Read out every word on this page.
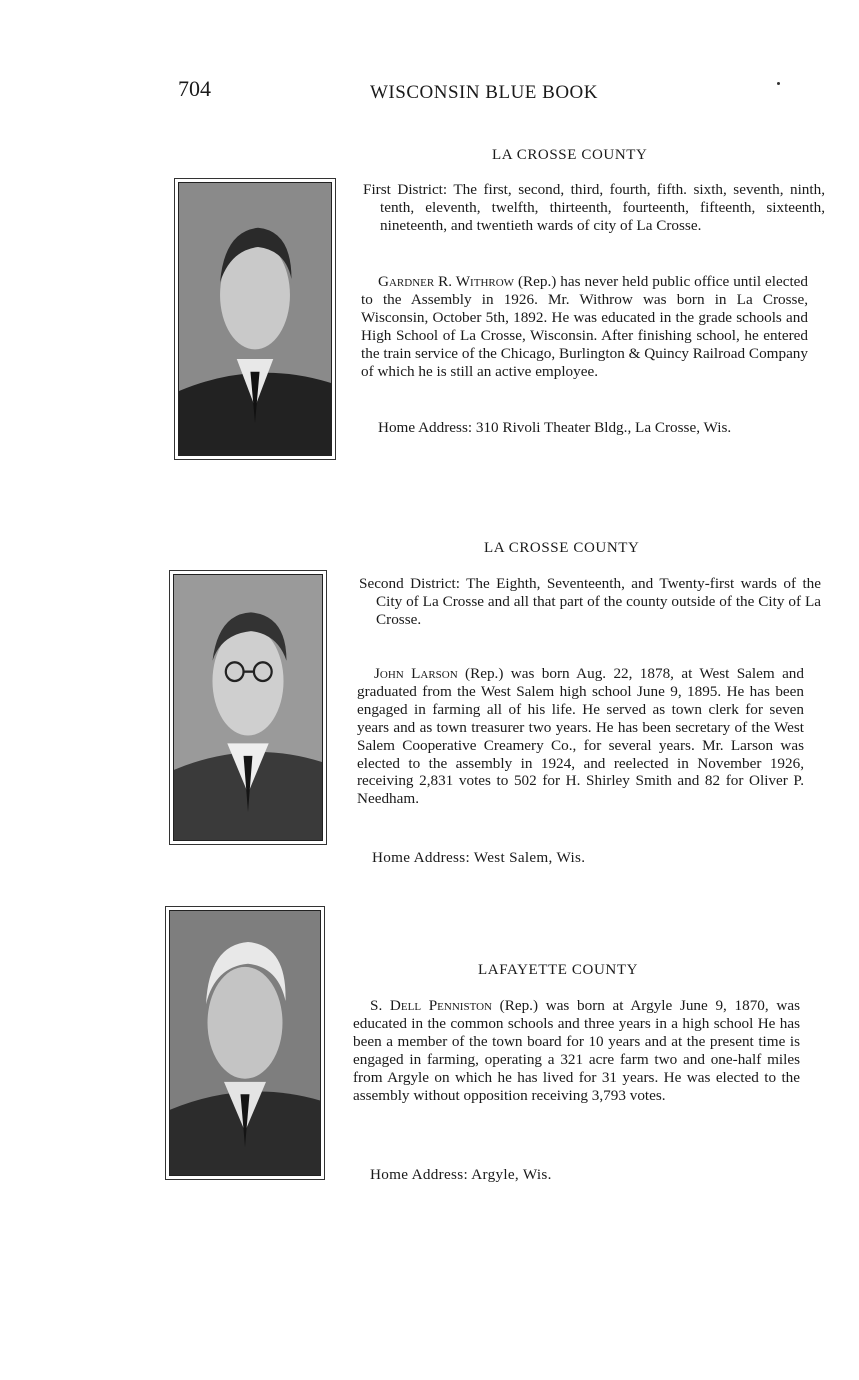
704	WISCONSIN BLUE BOOK
LA CROSSE COUNTY

First District: The first, second, third, fourth, fifth. sixth, seventh, ninth, tenth, eleventh, twelfth, thirteenth, fourteenth, fifteenth, sixteenth, nineteenth, and twentieth wards of city of La Crosse.

Gardner R. Withrow (Rep.) has never held public office until elected to the Assembly in 1926. Mr. Withrow was born in La Crosse, Wisconsin, October 5th, 1892. He was educated in the grade schools and High School of La Crosse, Wisconsin. After finishing school, he entered the train service of the Chicago, Burlington & Quincy Railroad Company of which he is still an active employee.

Home Address: 310 Rivoli Theater Bldg., La Crosse, Wis.

LA CROSSE COUNTY

Second District: The Eighth, Seventeenth, and Twenty-first wards of the City of La Crosse and all that part of the county outside of the City of La Crosse.

John Larson (Rep.) was born Aug. 22, 1878, at West Salem and graduated from the West Salem high school June 9, 1895. He has been engaged in farming all of his life. He served as town clerk for seven years and as town treasurer two years. He has been secretary of the West Salem Cooperative Creamery Co., for several years. Mr. Larson was elected to the assembly in 1924, and reelected in November 1926, receiving 2,831 votes to 502 for H. Shirley Smith and 82 for Oliver P. Needham.

Home Address: West Salem, Wis.
LAFAYETTE COUNTY

S. Dell Penniston (Rep.) was born at Argyle June 9, 1870, was educated in the common schools and three years in a high school He has been a member of the town board for 10 years and at the present time is engaged in farming, operating a 321 acre farm two and one-half miles from Argyle on which he has lived for 31 years. He was elected to the assembly without opposition receiving 3,793 votes.

Home Address: Argyle, Wis.
